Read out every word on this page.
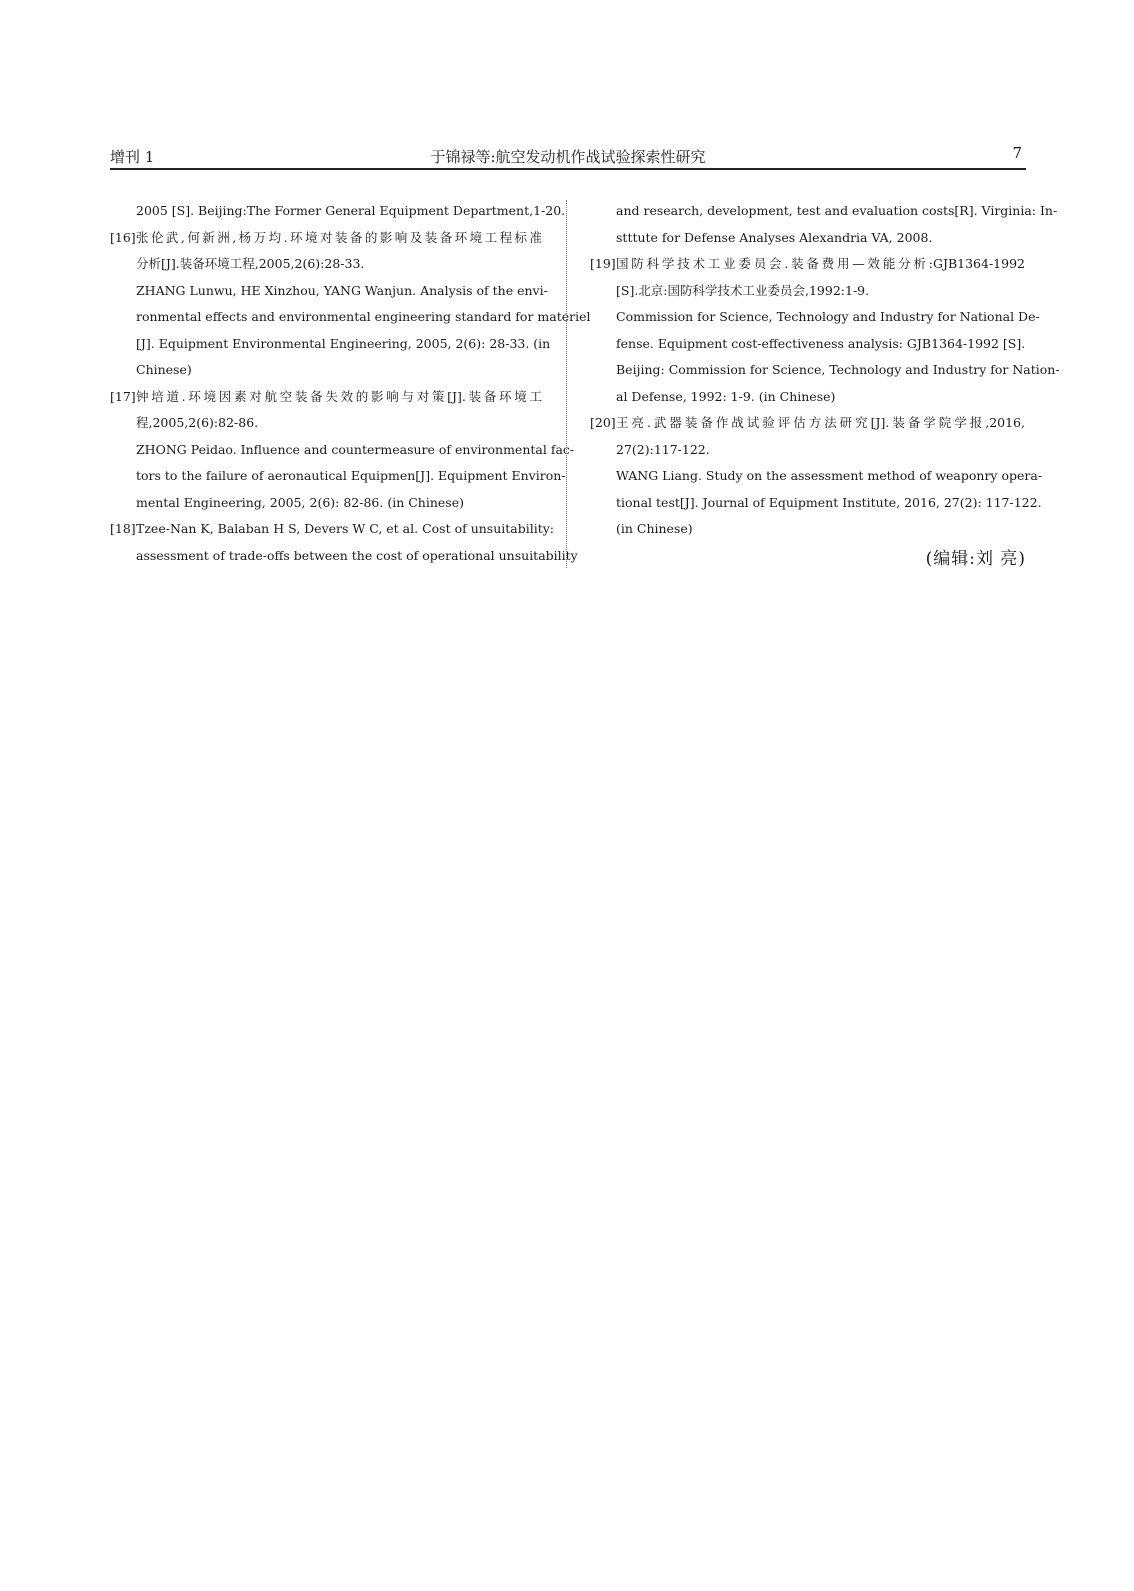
增刊 1	于锦禄等:航空发动机作战试验探索性研究	7
2005 [S]. Beijing:The Former General Equipment Department,1-20.
[16] 张伦武,何新洲,杨万均.环境对装备的影响及装备环境工程标准
分析[J].装备环境工程,2005,2(6):28-33.
ZHANG Lunwu, HE Xinzhou, YANG Wanjun. Analysis of the envi-
ronmental effects and environmental engineering standard for materiel
[J]. Equipment Environmental Engineering, 2005, 2(6): 28-33. (in
Chinese)
[17] 钟培道.环境因素对航空装备失效的影响与对策[J].装备环境工
程,2005,2(6):82-86.
ZHONG Peidao. Influence and countermeasure of environmental fac-
tors to the failure of aeronautical Equipmen[J]. Equipment Environ-
mental Engineering, 2005, 2(6): 82-86. (in Chinese)
[18] Tzee-Nan K, Balaban H S, Devers W C, et al. Cost of unsuitability:
assessment of trade-offs between the cost of operational unsuitability
and research, development, test and evaluation costs[R]. Virginia: In-
stttute for Defense Analyses Alexandria VA, 2008.
[19] 国防科学技术工业委员会.装备费用—效能分析:GJB1364-1992
[S].北京:国防科学技术工业委员会,1992:1-9.
Commission for Science, Technology and Industry for National De-
fense. Equipment cost-effectiveness analysis: GJB1364-1992 [S].
Beijing: Commission for Science, Technology and Industry for Nation-
al Defense, 1992: 1-9. (in Chinese)
[20] 王亮.武器装备作战试验评估方法研究[J].装备学院学报,2016,
27(2):117-122.
WANG Liang. Study on the assessment method of weaponry opera-
tional test[J]. Journal of Equipment Institute, 2016, 27(2): 117-122.
(in Chinese)
(编辑:刘 亮)
